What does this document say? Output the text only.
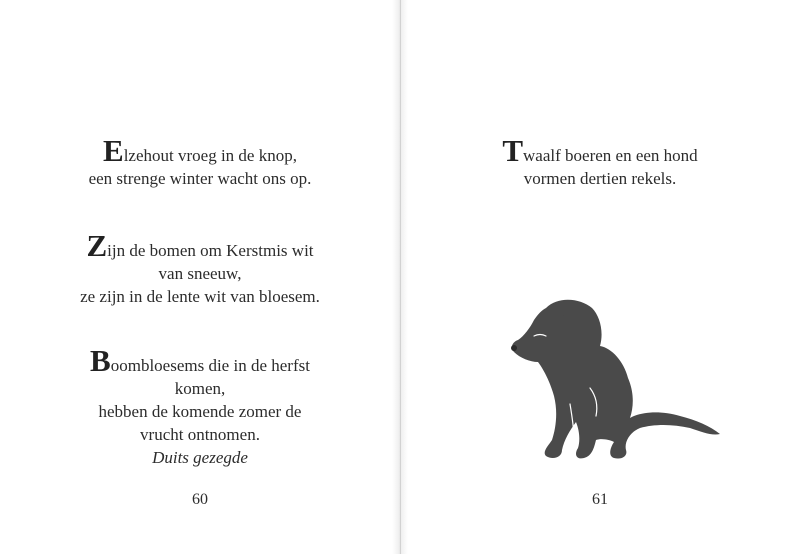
Elzehout vroeg in de knop,
een strenge winter wacht ons op.

Zijn de bomen om Kerstmis wit
van sneeuw,
ze zijn in de lente wit van bloesem.

Boombloesems die in de herfst
komen,
hebben de komende zomer de
vrucht ontnomen.
Duits gezegde

60

Twaalf boeren en een hond
vormen dertien rekels.

61
